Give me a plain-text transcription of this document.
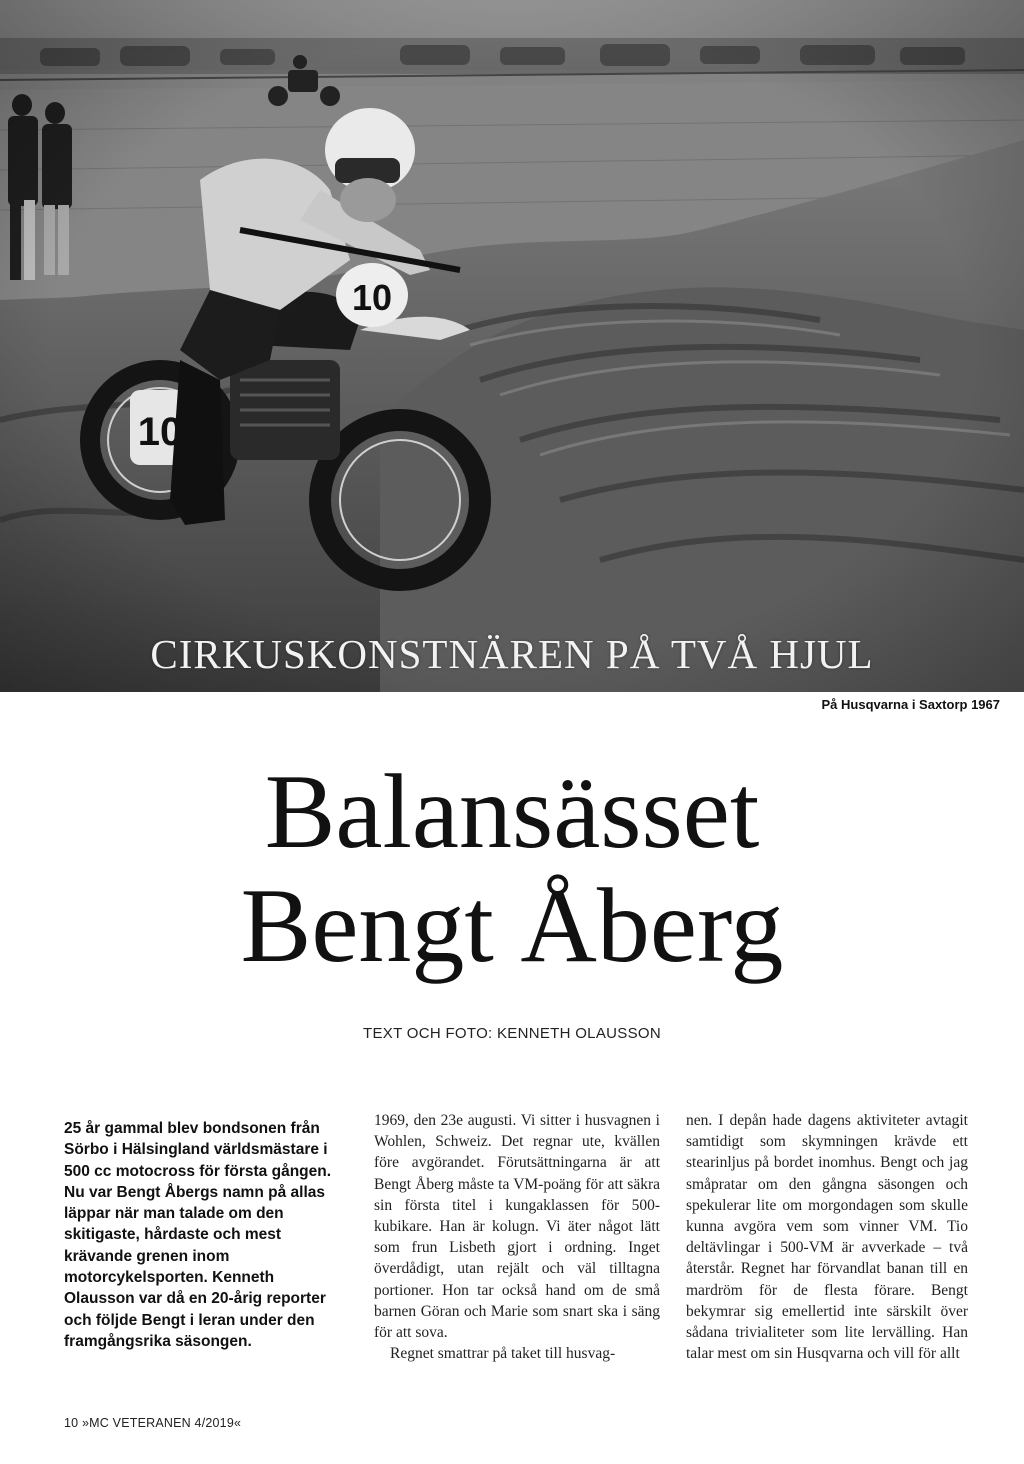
CIRKUSKONSTNÄREN PÅ TVÅ HJUL
På Husqvarna i Saxtorp 1967
Balansässet
Bengt Åberg
TEXT OCH FOTO: KENNETH OLAUSSON

25 år gammal blev bondsonen från Sörbo i Hälsingland världsmästare i 500 cc motocross för första gången. Nu var Bengt Åbergs namn på allas läppar när man talade om den skitigaste, hårdaste och mest krävande grenen inom motorcykelsporten. Kenneth Olausson var då en 20-årig reporter och följde Bengt i leran under den framgångsrika säsongen.

1969, den 23e augusti. Vi sitter i husvagnen i Wohlen, Schweiz. Det regnar ute, kvällen före avgörandet. Förutsättningarna är att Bengt Åberg måste ta VM-poäng för att säkra sin första titel i kungaklassen för 500-kubikare. Han är kolugn. Vi äter något lätt som frun Lisbeth gjort i ordning. Inget överdådigt, utan rejält och väl tilltagna portioner. Hon tar också hand om de små barnen Göran och Marie som snart ska i säng för att sova.

Regnet smattrar på taket till husvag-

nen. I depån hade dagens aktiviteter avtagit samtidigt som skymningen krävde ett stearinljus på bordet inomhus. Bengt och jag småpratar om den gångna säsongen och spekulerar lite om morgondagen som skulle kunna avgöra vem som vinner VM. Tio deltävlingar i 500-VM är avverkade – två återstår. Regnet har förvandlat banan till en mardröm för de flesta förare. Bengt bekymrar sig emellertid inte särskilt över sådana trivialiteter som lite lervälling. Han talar mest om sin Husqvarna och vill för allt

10 »MC VETERANEN 4/2019«
